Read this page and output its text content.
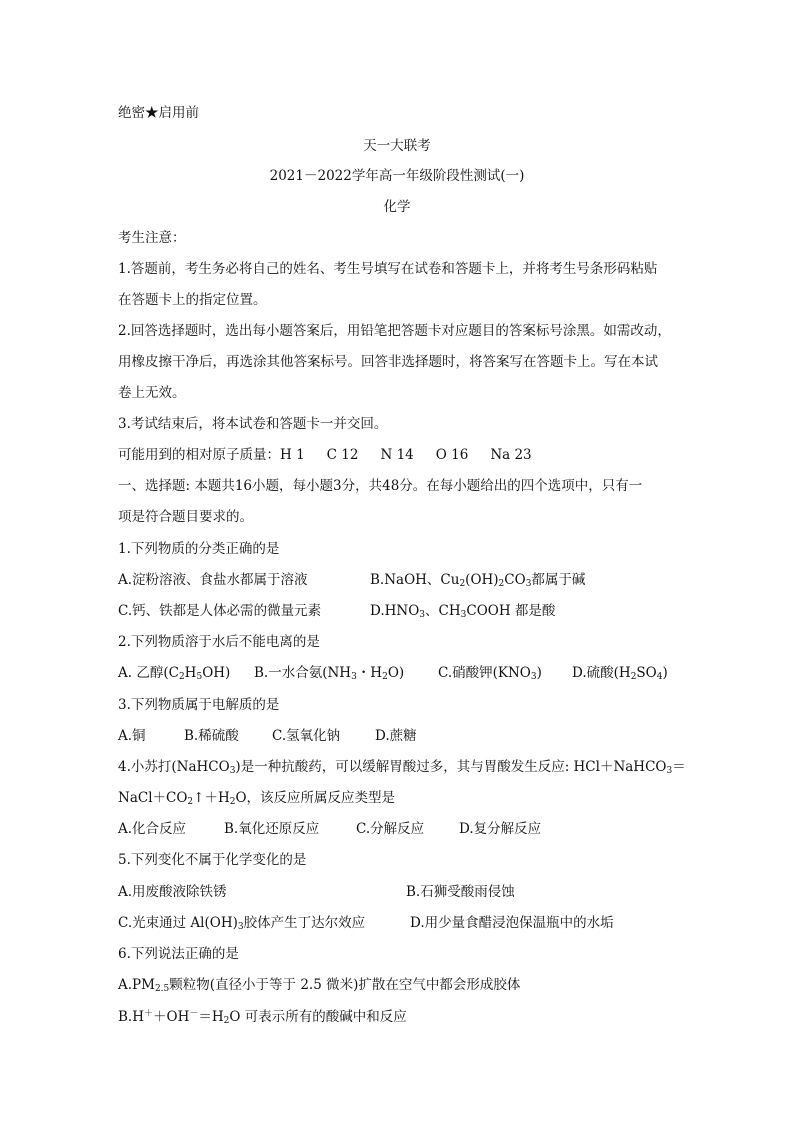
绝密★启用前
天一大联考
2021－2022学年高一年级阶段性测试(一)
化学
考生注意：
1.答题前，考生务必将自己的姓名、考生号填写在试卷和答题卡上，并将考生号条形码粘贴
在答题卡上的指定位置。
2.回答选择题时，选出每小题答案后，用铅笔把答题卡对应题目的答案标号涂黑。如需改动，
用橡皮擦干净后，再选涂其他答案标号。回答非选择题时，将答案写在答题卡上。写在本试
卷上无效。
3.考试结束后，将本试卷和答题卡一并交回。
可能用到的相对原子质量：H 1 C 12 N 14 O 16 Na 23
一、选择题: 本题共16小题，每小题3分，共48分。在每小题给出的四个选项中，只有一
项是符合题目要求的。
1.下列物质的分类正确的是
A.淀粉溶液、食盐水都属于溶液	B.NaOH、$Cu_2(OH)_2CO_3$都属于碱
C.钙、铁都是人体必需的微量元素	$D.HNO_3$、$CH_3COOH$ 都是酸
2.下列物质溶于水后不能电离的是
A. 乙醇$(C_2H_5OH)$ B.一水合氨($NH_3$・$H_2O$)	C.硝酸钾$(KNO_3)$ D.硫酸$(H_2SO_4)$
3.下列物质属于电解质的是
A.铜	B.稀硫酸 C.氢氧化钠	D.蔗糖
4.小苏打(NaHCO$_3$)是一种抗酸药，可以缓解胃酸过多，其与胃酸发生反应: HCl＋NaHCO$_3$＝
$NaCl+CO_2↑+H_2O$，该反应所属反应类型是
A.化合反应	B.氧化还原反应	C.分解反应	D.复分解反应
5.下列变化不属于化学变化的是
A.用废酸液除铁锈	B.石狮受酸雨侵蚀
C.光束通过 $Al(OH)_3$胶体产生丁达尔效应	D.用少量食醋浸泡保温瓶中的水垢
6.下列说法正确的是
$A.PM_{2.5}$颗粒物(直径小于等于 2.5 微米)扩散在空气中都会形成胶体
$B.H^++OH^-=H_2O$ 可表示所有的酸碱中和反应
